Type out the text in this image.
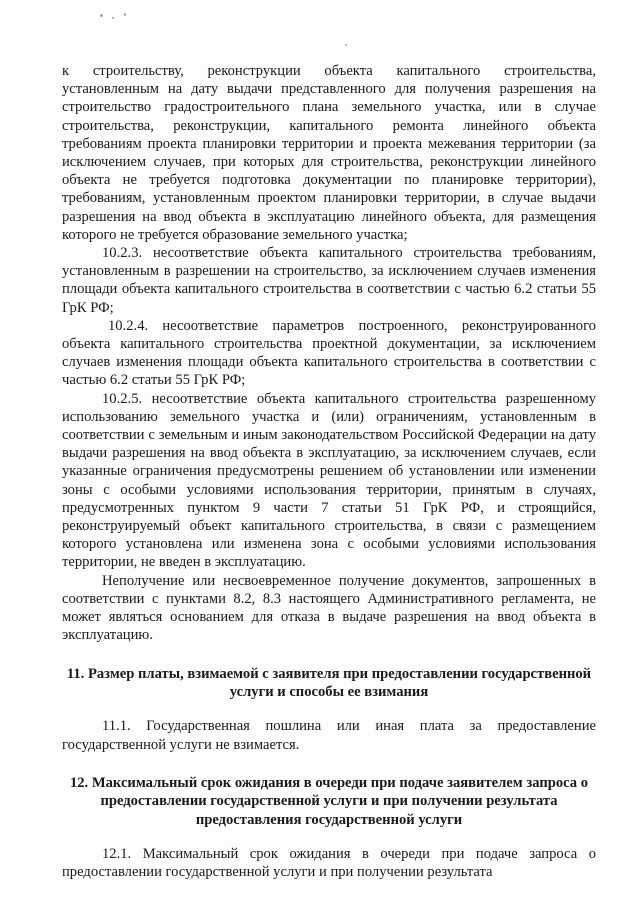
к строительству, реконструкции объекта капитального строительства, установленным на дату выдачи представленного для получения разрешения на строительство градостроительного плана земельного участка, или в случае строительства, реконструкции, капитального ремонта линейного объекта требованиям проекта планировки территории и проекта межевания территории (за исключением случаев, при которых для строительства, реконструкции линейного объекта не требуется подготовка документации по планировке территории), требованиям, установленным проектом планировки территории, в случае выдачи разрешения на ввод объекта в эксплуатацию линейного объекта, для размещения которого не требуется образование земельного участка;

10.2.3. несоответствие объекта капитального строительства требованиям, установленным в разрешении на строительство, за исключением случаев изменения площади объекта капитального строительства в соответствии с частью 6.2 статьи 55 ГрК РФ;

10.2.4. несоответствие параметров построенного, реконструированного объекта капитального строительства проектной документации, за исключением случаев изменения площади объекта капитального строительства в соответствии с частью 6.2 статьи 55 ГрК РФ;

10.2.5. несоответствие объекта капитального строительства разрешенному использованию земельного участка и (или) ограничениям, установленным в соответствии с земельным и иным законодательством Российской Федерации на дату выдачи разрешения на ввод объекта в эксплуатацию, за исключением случаев, если указанные ограничения предусмотрены решением об установлении или изменении зоны с особыми условиями использования территории, принятым в случаях, предусмотренных пунктом 9 части 7 статьи 51 ГрК РФ, и строящийся, реконструируемый объект капитального строительства, в связи с размещением которого установлена или изменена зона с особыми условиями использования территории, не введен в эксплуатацию.

Неполучение или несвоевременное получение документов, запрошенных в соответствии с пунктами 8.2, 8.3 настоящего Административного регламента, не может являться основанием для отказа в выдаче разрешения на ввод объекта в эксплуатацию.

11. Размер платы, взимаемой с заявителя при предоставлении государственной услуги и способы ее взимания

11.1. Государственная пошлина или иная плата за предоставление государственной услуги не взимается.

12. Максимальный срок ожидания в очереди при подаче заявителем запроса о предоставлении государственной услуги и при получении результата предоставления государственной услуги

12.1. Максимальный срок ожидания в очереди при подаче запроса о предоставлении государственной услуги и при получении результата
